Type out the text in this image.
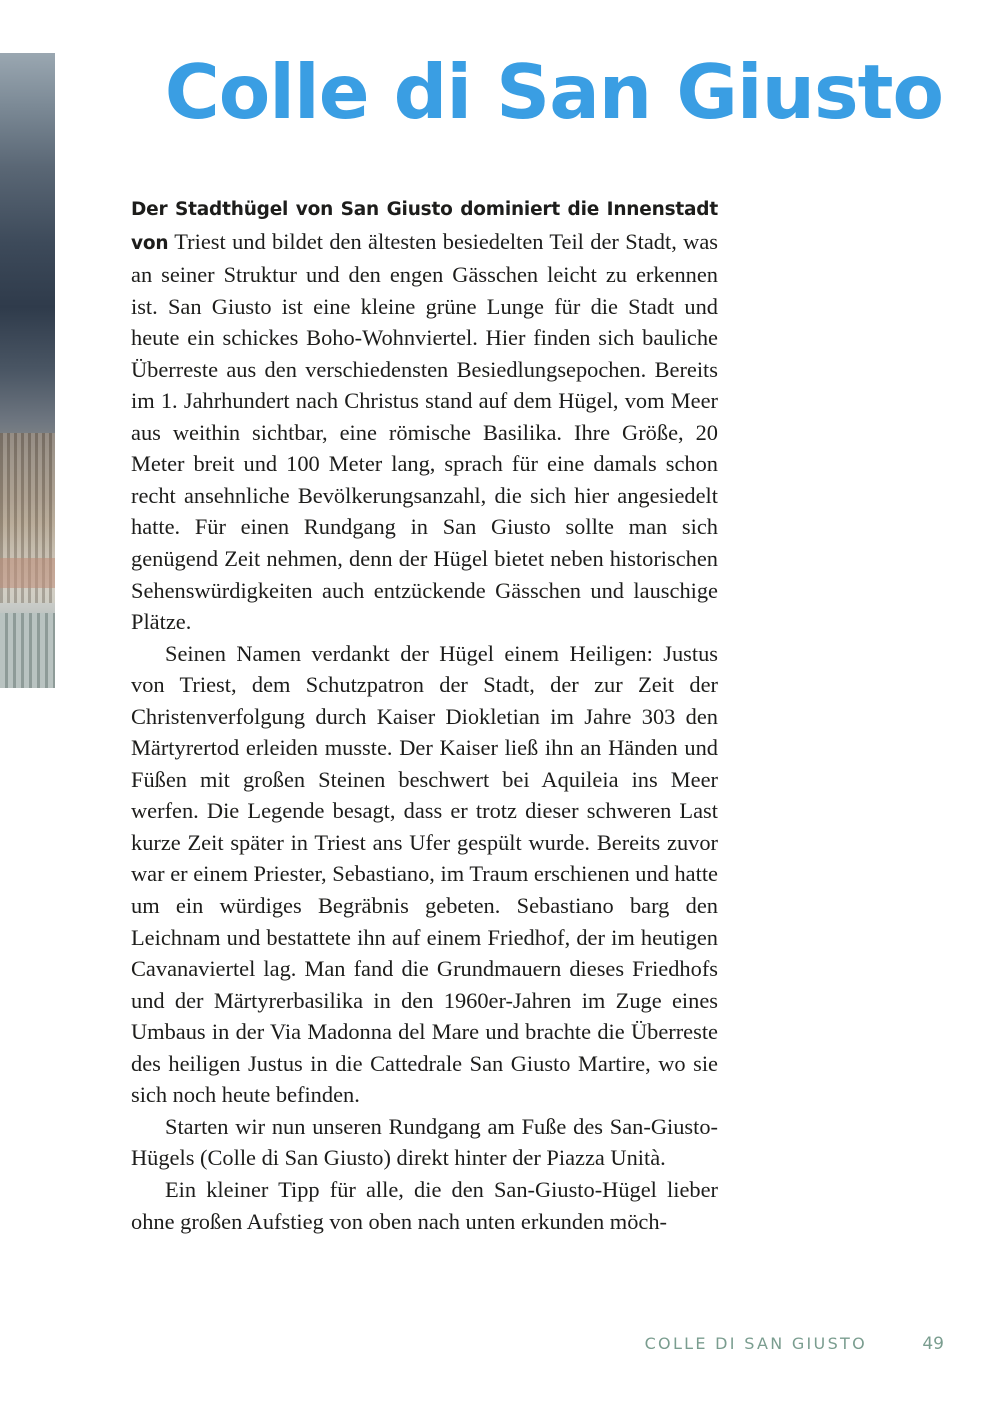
Colle di San Giusto

Der Stadthügel von San Giusto dominiert die Innenstadt von Triest und bildet den ältesten besiedelten Teil der Stadt, was an seiner Struktur und den engen Gässchen leicht zu erkennen ist. San Giusto ist eine kleine grüne Lunge für die Stadt und heute ein schickes Boho-Wohnviertel. Hier finden sich bauliche Überreste aus den verschiedensten Besiedlungsepochen. Bereits im 1. Jahrhundert nach Christus stand auf dem Hügel, vom Meer aus weithin sichtbar, eine römische Basilika. Ihre Größe, 20 Meter breit und 100 Meter lang, sprach für eine damals schon recht ansehnliche Bevölkerungsanzahl, die sich hier angesiedelt hatte. Für einen Rundgang in San Giusto sollte man sich genügend Zeit nehmen, denn der Hügel bietet neben historischen Sehenswürdigkeiten auch entzückende Gässchen und lauschige Plätze.

Seinen Namen verdankt der Hügel einem Heiligen: Justus von Triest, dem Schutzpatron der Stadt, der zur Zeit der Christenverfolgung durch Kaiser Diokletian im Jahre 303 den Märtyrertod erleiden musste. Der Kaiser ließ ihn an Händen und Füßen mit großen Steinen beschwert bei Aquileia ins Meer werfen. Die Legende besagt, dass er trotz dieser schweren Last kurze Zeit später in Triest ans Ufer gespült wurde. Bereits zuvor war er einem Priester, Sebastiano, im Traum erschienen und hatte um ein würdiges Begräbnis gebeten. Sebastiano barg den Leichnam und bestattete ihn auf einem Friedhof, der im heutigen Cavanaviertel lag. Man fand die Grundmauern dieses Friedhofs und der Märtyrerbasilika in den 1960er-Jahren im Zuge eines Umbaus in der Via Madonna del Mare und brachte die Überreste des heiligen Justus in die Cattedrale San Giusto Martire, wo sie sich noch heute befinden.

Starten wir nun unseren Rundgang am Fuße des San-Giusto-Hügels (Colle di San Giusto) direkt hinter der Piazza Unità.

Ein kleiner Tipp für alle, die den San-Giusto-Hügel lieber ohne großen Aufstieg von oben nach unten erkunden möch-

COLLE DI SAN GIUSTO	49
